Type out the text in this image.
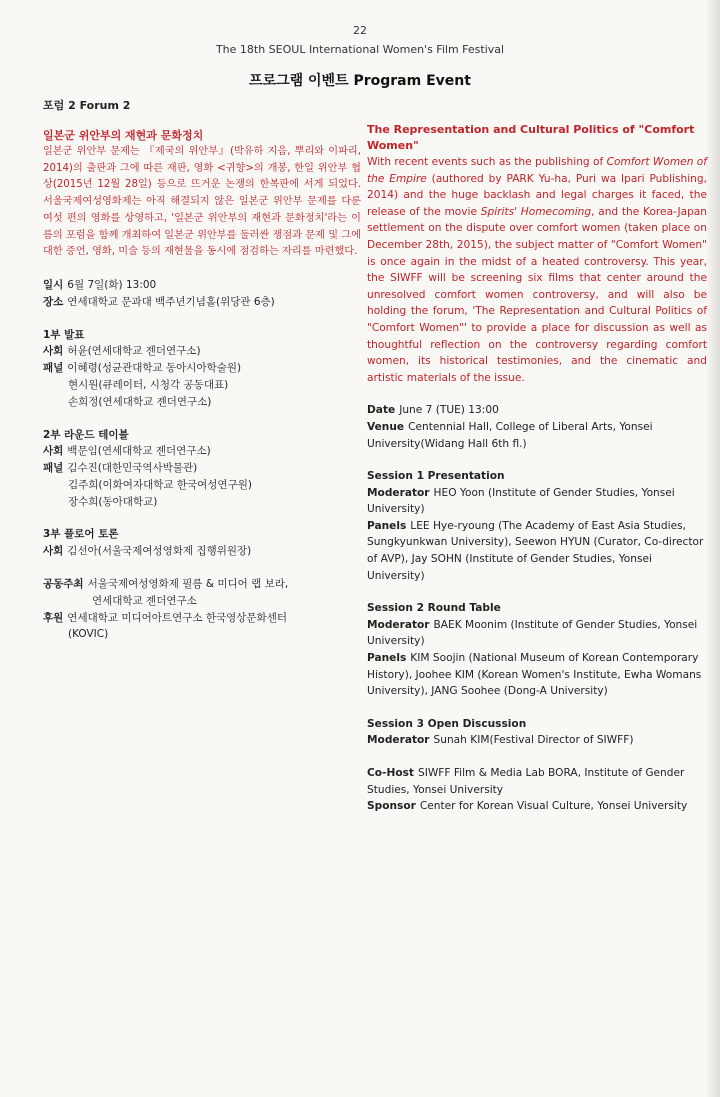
22
The 18th SEOUL International Women's Film Festival
프로그램 이벤트 Program Event
포럼 2 Forum 2
일본군 위안부의 재현과 문화정치
일본군 위안부 문제는 『제국의 위안부』(박유하 지음, 뿌리와 이파리, 2014)의 출판과 그에 따른 재판, 영화 <귀향>의 개봉, 한일 위안부 협상(2015년 12월 28일) 등으로 뜨거운 논쟁의 한복판에 서게 되었다. 서울국제여성영화제는 아직 해결되지 않은 일본군 위안부 문제를 다룬 여섯 편의 영화를 상영하고, '일본군 위안부의 재현과 문화정치'라는 이름의 포럼을 함께 개최하여 일본군 위안부를 둘러싼 쟁점과 문제 및 그에 대한 증언, 영화, 미술 등의 재현물을 동시에 점검하는 자리를 마련했다.
일시 6월 7일(화) 13:00
장소 연세대학교 문과대 백주년기념홀(위당관 6층)
1부 발표
사회 허윤(연세대학교 젠더연구소)
패널 이혜령(성균관대학교 동아시아학술원)
현시원(큐레이터, 시청각 공동대표)
손희정(연세대학교 젠더연구소)
2부 라운드 테이블
사회 백문임(연세대학교 젠더연구소)
패널 김수진(대한민국역사박물관)
김주희(이화여자대학교 한국여성연구원)
장수희(동아대학교)
3부 플로어 토론
사회 김선아(서울국제여성영화제 집행위원장)
공동주최 서울국제여성영화제 필름 & 미디어 랩 보라,
연세대학교 젠더연구소
후원 연세대학교 미디어아트연구소 한국영상문화센터
(KOVIC)
The Representation and Cultural Politics of "Comfort Women"
With recent events such as the publishing of Comfort Women of the Empire (authored by PARK Yu-ha, Puri wa Ipari Publishing, 2014) and the huge backlash and legal charges it faced, the release of the movie Spirits' Homecoming, and the Korea-Japan settlement on the dispute over comfort women (taken place on December 28th, 2015), the subject matter of "Comfort Women" is once again in the midst of a heated controversy. This year, the SIWFF will be screening six films that center around the unresolved comfort women controversy, and will also be holding the forum, 'The Representation and Cultural Politics of "Comfort Women"' to provide a place for discussion as well as thoughtful reflection on the controversy regarding comfort women, its historical testimonies, and the cinematic and artistic materials of the issue.
Date June 7 (TUE) 13:00
Venue Centennial Hall, College of Liberal Arts, Yonsei University(Widang Hall 6th fl.)
Session 1 Presentation
Moderator HEO Yoon (Institute of Gender Studies, Yonsei University)
Panels LEE Hye-ryoung (The Academy of East Asia Studies, Sungkyunkwan University), Seewon HYUN (Curator, Co-director of AVP), Jay SOHN (Institute of Gender Studies, Yonsei University)
Session 2 Round Table
Moderator BAEK Moonim (Institute of Gender Studies, Yonsei University)
Panels KIM Soojin (National Museum of Korean Contemporary History), Joohee KIM (Korean Women's Institute, Ewha Womans University), JANG Soohee (Dong-A University)
Session 3 Open Discussion
Moderator Sunah KIM(Festival Director of SIWFF)
Co-Host SIWFF Film & Media Lab BORA, Institute of Gender Studies, Yonsei University
Sponsor Center for Korean Visual Culture, Yonsei University
